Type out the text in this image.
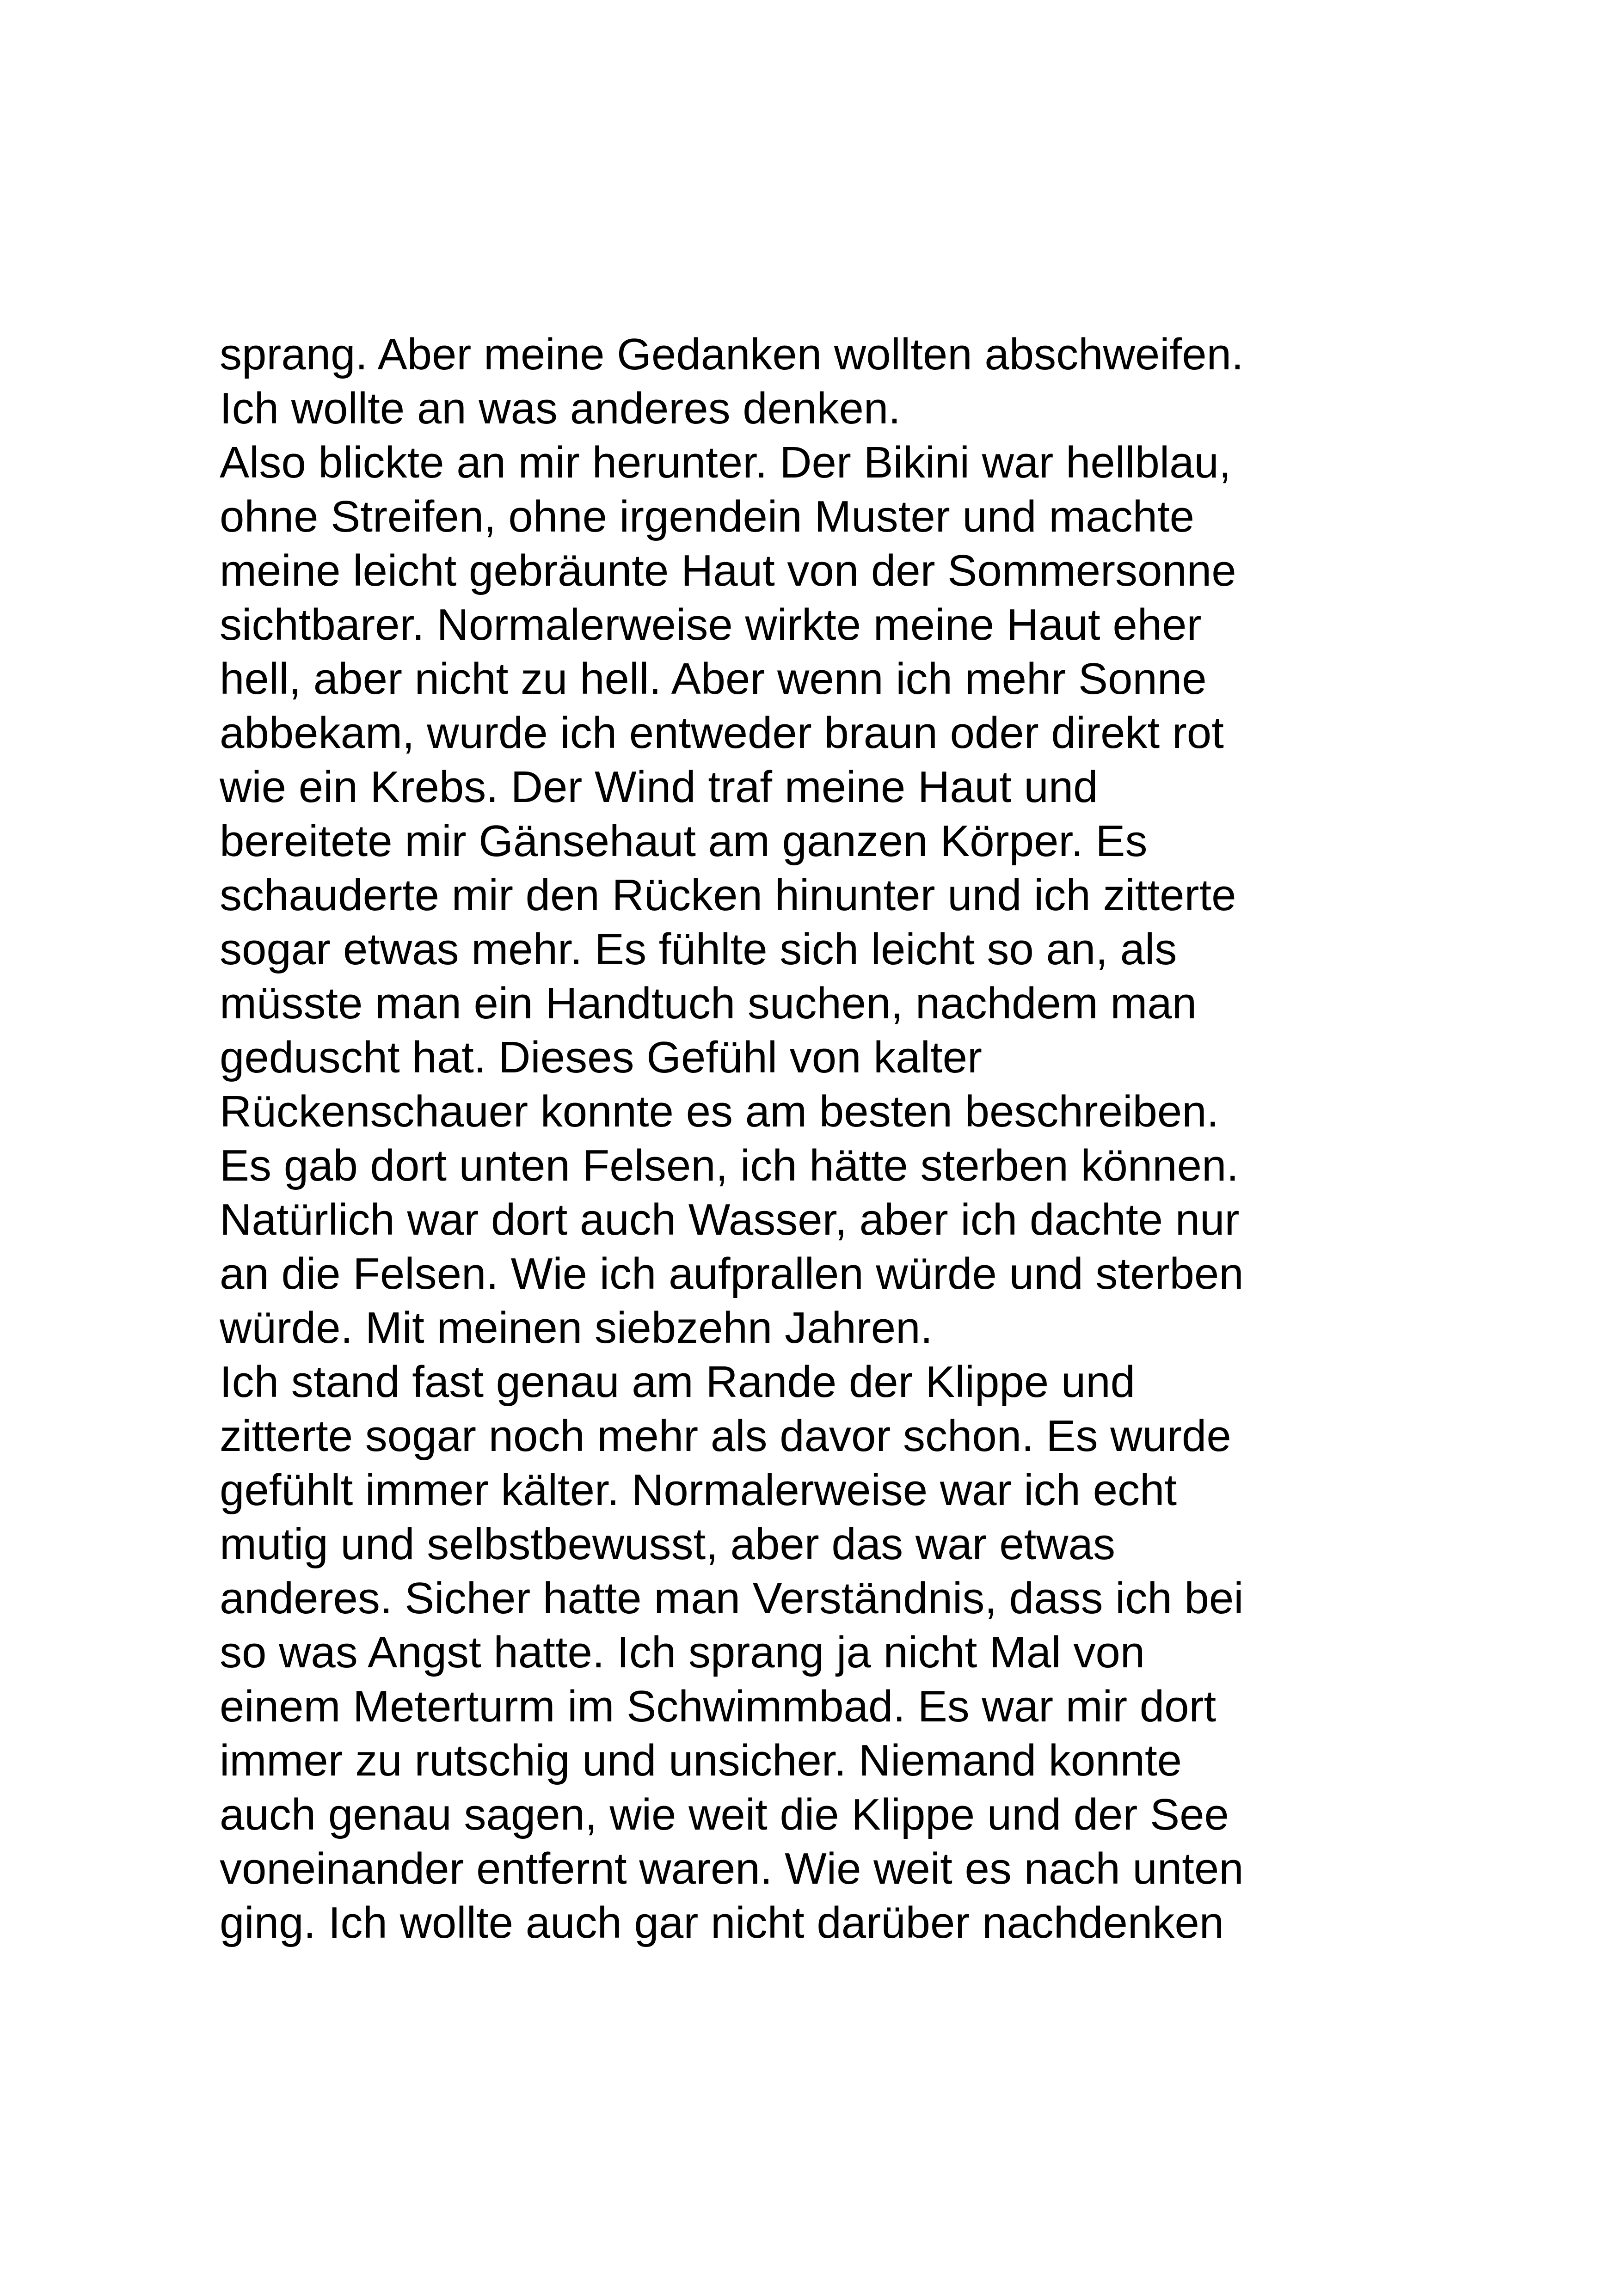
sprang. Aber meine Gedanken wollten abschweifen.
Ich wollte an was anderes denken.
Also blickte an mir herunter. Der Bikini war hellblau,
ohne Streifen, ohne irgendein Muster und machte
meine leicht gebräunte Haut von der Sommersonne
sichtbarer. Normalerweise wirkte meine Haut eher
hell, aber nicht zu hell. Aber wenn ich mehr Sonne
abbekam, wurde ich entweder braun oder direkt rot
wie ein Krebs. Der Wind traf meine Haut und
bereitete mir Gänsehaut am ganzen Körper. Es
schauderte mir den Rücken hinunter und ich zitterte
sogar etwas mehr. Es fühlte sich leicht so an, als
müsste man ein Handtuch suchen, nachdem man
geduscht hat. Dieses Gefühl von kalter
Rückenschauer konnte es am besten beschreiben.
Es gab dort unten Felsen, ich hätte sterben können.
Natürlich war dort auch Wasser, aber ich dachte nur
an die Felsen. Wie ich aufprallen würde und sterben
würde. Mit meinen siebzehn Jahren.
Ich stand fast genau am Rande der Klippe und
zitterte sogar noch mehr als davor schon. Es wurde
gefühlt immer kälter. Normalerweise war ich echt
mutig und selbstbewusst, aber das war etwas
anderes. Sicher hatte man Verständnis, dass ich bei
so was Angst hatte. Ich sprang ja nicht Mal von
einem Meterturm im Schwimmbad. Es war mir dort
immer zu rutschig und unsicher. Niemand konnte
auch genau sagen, wie weit die Klippe und der See
voneinander entfernt waren. Wie weit es nach unten
ging. Ich wollte auch gar nicht darüber nachdenken
